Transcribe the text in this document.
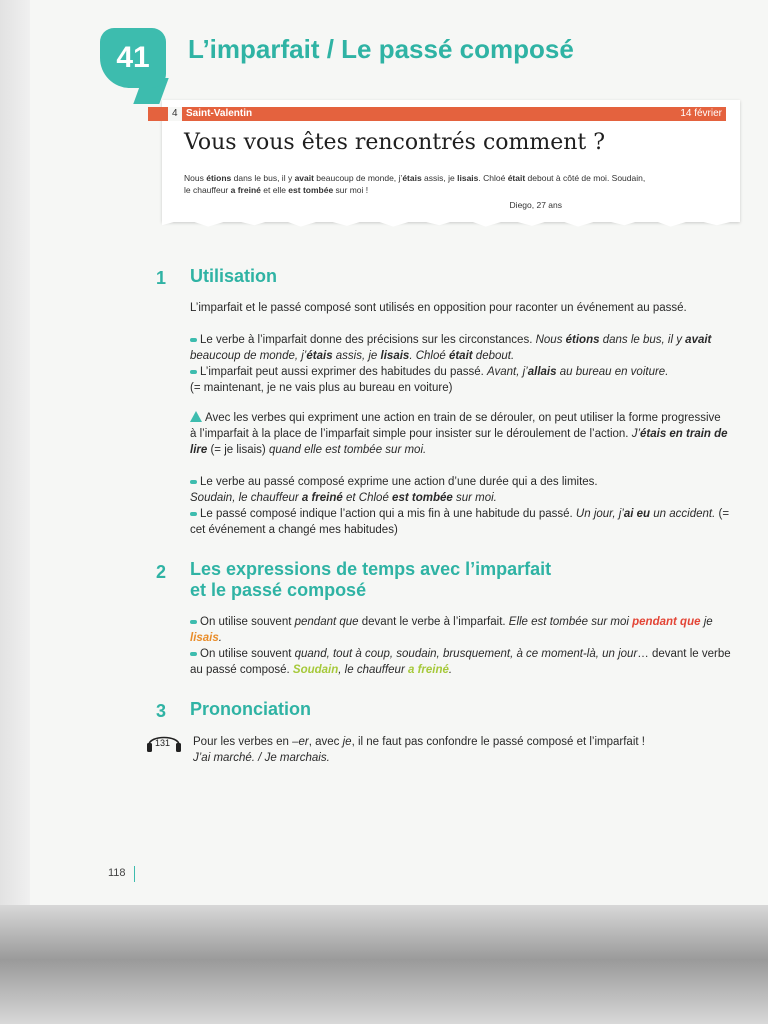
41	L’imparfait / Le passé composé
4 Saint-Valentin	14 février
Vous vous êtes rencontrés comment ?
Nous étions dans le bus, il y avait beaucoup de monde, j’étais assis, je lisais. Chloé était debout à côté de moi. Soudain, le chauffeur a freiné et elle est tombée sur moi !
Diego, 27 ans
1 Utilisation
L’imparfait et le passé composé sont utilisés en opposition pour raconter un événement au passé.
Le verbe à l’imparfait donne des précisions sur les circonstances. Nous étions dans le bus, il y avait beaucoup de monde, j’étais assis, je lisais. Chloé était debout.
L’imparfait peut aussi exprimer des habitudes du passé. Avant, j’allais au bureau en voiture.
(= maintenant, je ne vais plus au bureau en voiture)
Avec les verbes qui expriment une action en train de se dérouler, on peut utiliser la forme progressive à l’imparfait à la place de l’imparfait simple pour insister sur le déroulement de l’action. J’étais en train de lire (= je lisais) quand elle est tombée sur moi.
Le verbe au passé composé exprime une action d’une durée qui a des limites.
Soudain, le chauffeur a freiné et Chloé est tombée sur moi.
Le passé composé indique l’action qui a mis fin à une habitude du passé. Un jour, j’ai eu un accident. (= cet événement a changé mes habitudes)
2 Les expressions de temps avec l’imparfait
et le passé composé
On utilise souvent pendant que devant le verbe à l’imparfait. Elle est tombée sur moi pendant que je lisais.
On utilise souvent quand, tout à coup, soudain, brusquement, à ce moment-là, un jour… devant le verbe au passé composé. Soudain, le chauffeur a freiné.
3 Prononciation
131 Pour les verbes en –er, avec je, il ne faut pas confondre le passé composé et l’imparfait !
J’ai marché. / Je marchais.
118
